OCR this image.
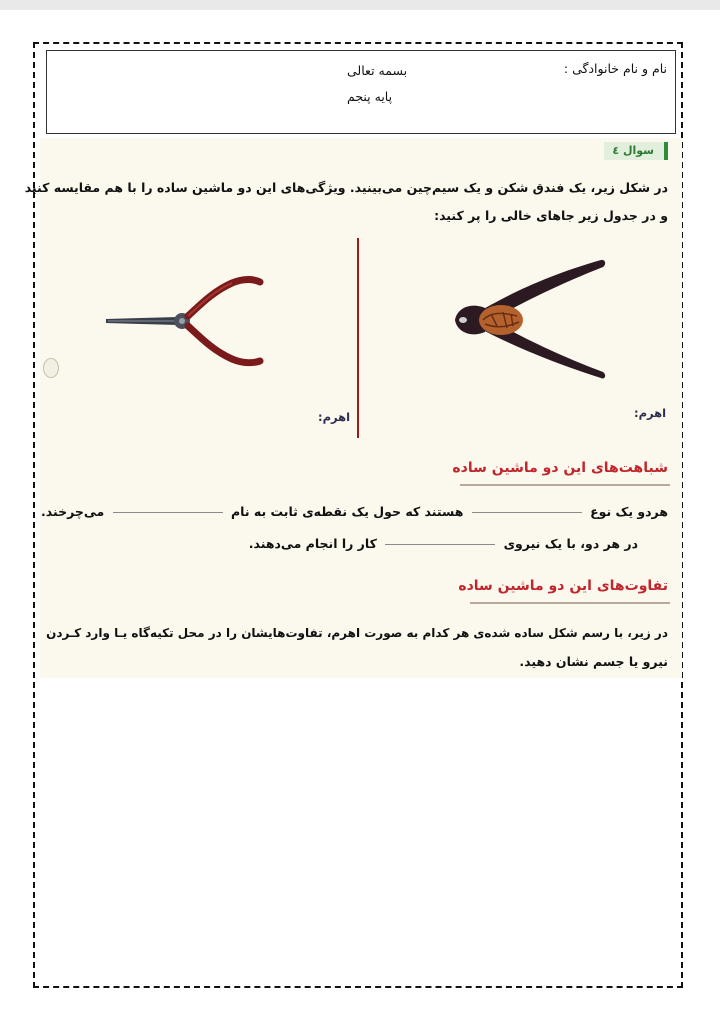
نام و نام خانوادگی :
بسمه تعالی
پایه پنجم
سوال ٤
در شکل زیر، یک فندق شکن و یک سیم‌چین می‌بینید. ویژگی‌های این دو ماشین ساده را با هم مقایسه کنید
و در جدول زیر جاهای خالی را پر کنید:
اهرم:	اهرم:
شباهت‌های این دو ماشین ساده
هردو یک نوع  هستند که حول یک نقطه‌ی ثابت به نام  می‌چرخند.
در هر دو، با یک نیروی  کار را انجام می‌دهند.
تفاوت‌های این دو ماشین ساده
در زیر، با رسم شکل ساده شده‌ی هر کدام به صورت اهرم، تفاوت‌هایشان را در محل تکیه‌گاه یـا وارد کـردن
نیرو یا جسم نشان دهید.
